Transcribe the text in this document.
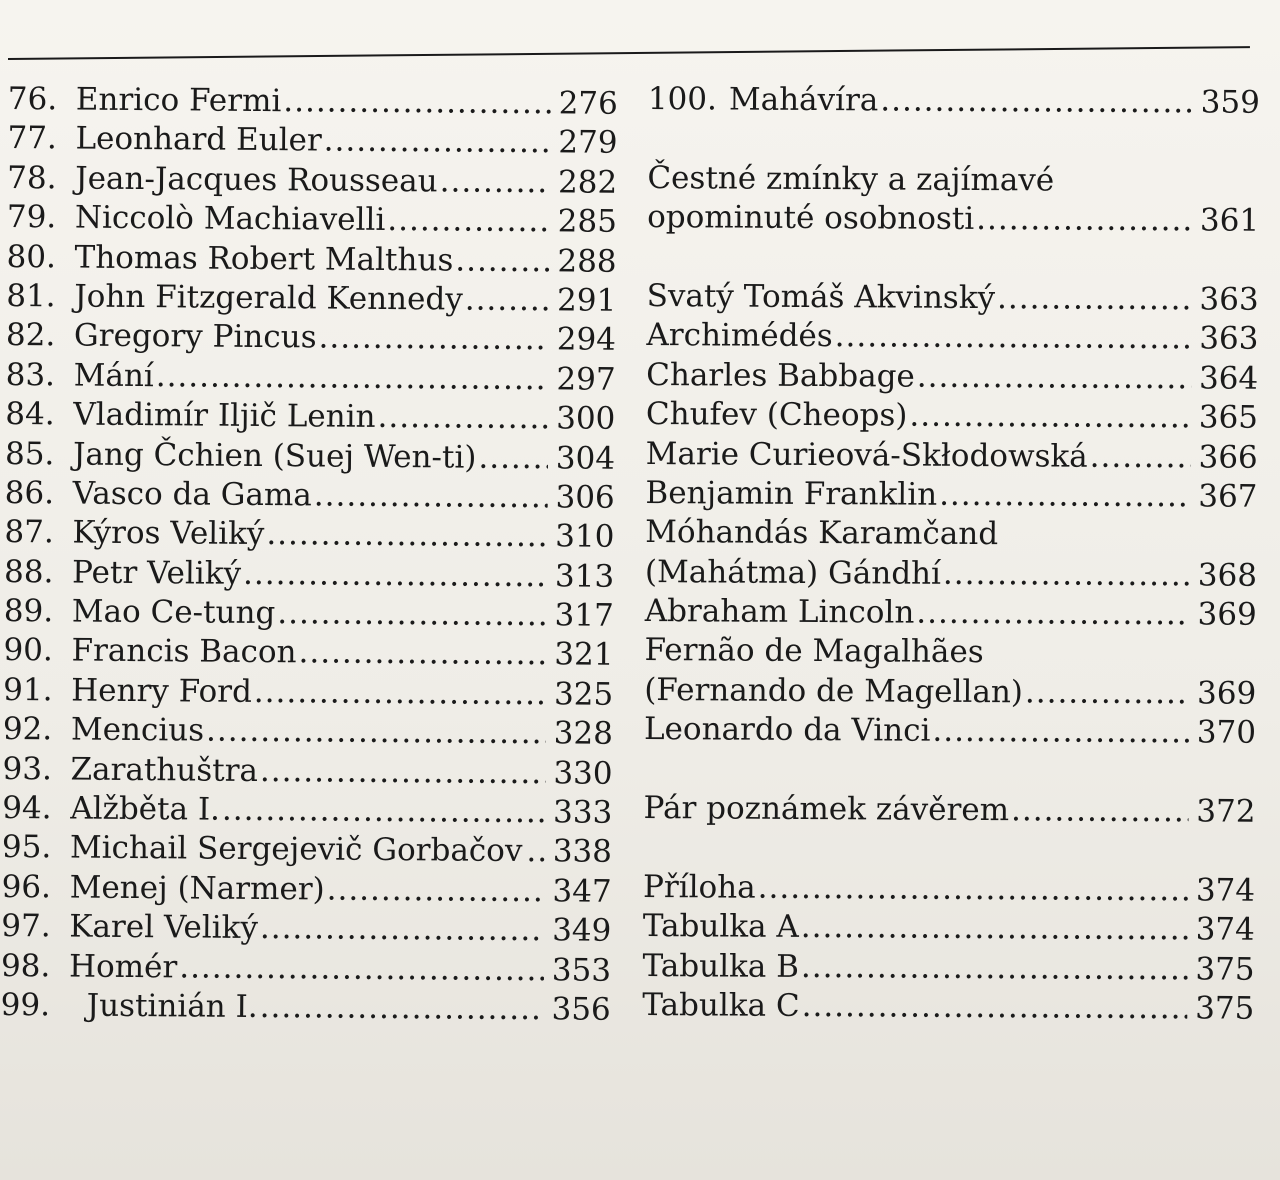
76. Enrico Fermi .....	276
77. Leonhard Euler .....	279
78. Jean-Jacques Rousseau .....	282
79. Niccolò Machiavelli .....	285
80. Thomas Robert Malthus .....	288
81. John Fitzgerald Kennedy .....	291
82. Gregory Pincus .....	294
83. Mání .....	297
84. Vladimír Iljič Lenin .....	300
85. Jang Čchien (Suej Wen-ti) .....	304
86. Vasco da Gama .....	306
87. Kýros Veliký .....	310
88. Petr Veliký .....	313
89. Mao Ce-tung .....	317
90. Francis Bacon .....	321
91. Henry Ford .....	325
92. Mencius .....	328
93. Zarathuštra .....	330
94. Alžběta I. .....	333
95. Michail Sergejevič Gorbačov ..... 338
96. Menej (Narmer) .....	347
97. Karel Veliký .....	349
98. Homér .....	353
99.	Justinián I. .....	356
100. Mahávíra .....	359
Čestné zmínky a zajímavé
opominuté osobnosti .....	361
Svatý Tomáš Akvinský .....	363
Archimédés .....	363
Charles Babbage .....	364
Chufev (Cheops) .....	365
Marie Curieová-Skłodowská .....	366
Benjamin Franklin .....	367
Móhandás Karamčand
(Mahátma) Gándhí .....	368
Abraham Lincoln .....	369
Fernão de Magalhães
(Fernando de Magellan) .....	369
Leonardo da Vinci .....	370
Pár poznámek závěrem .....	372
Příloha .....	374
Tabulka A .....	374
Tabulka B .....	375
Tabulka C .....	375
